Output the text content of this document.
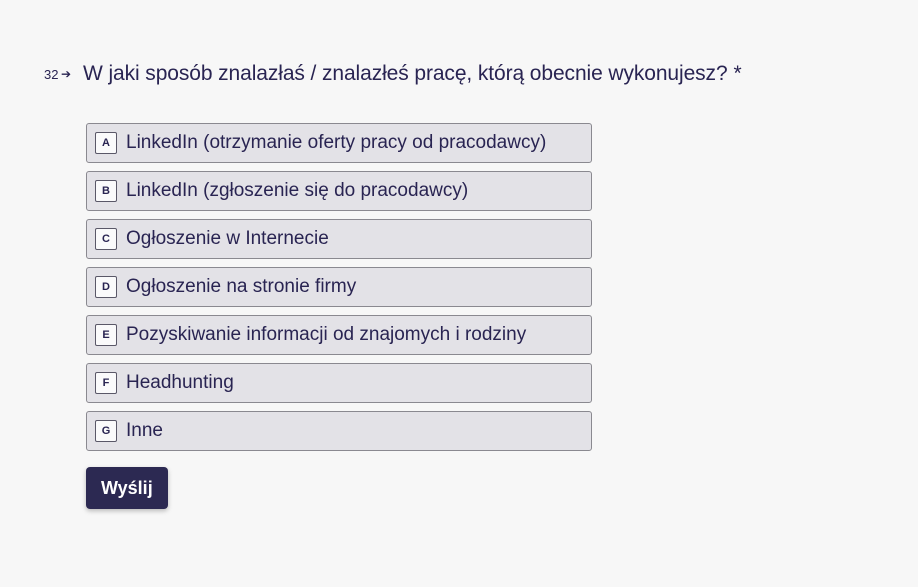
32 ➔ W jaki sposób znalazłaś / znalazłeś pracę, którą obecnie wykonujesz? *
A LinkedIn (otrzymanie oferty pracy od pracodawcy)
B LinkedIn (zgłoszenie się do pracodawcy)
C Ogłoszenie w Internecie
D Ogłoszenie na stronie firmy
E Pozyskiwanie informacji od znajomych i rodziny
F Headhunting
G Inne
Wyślij
